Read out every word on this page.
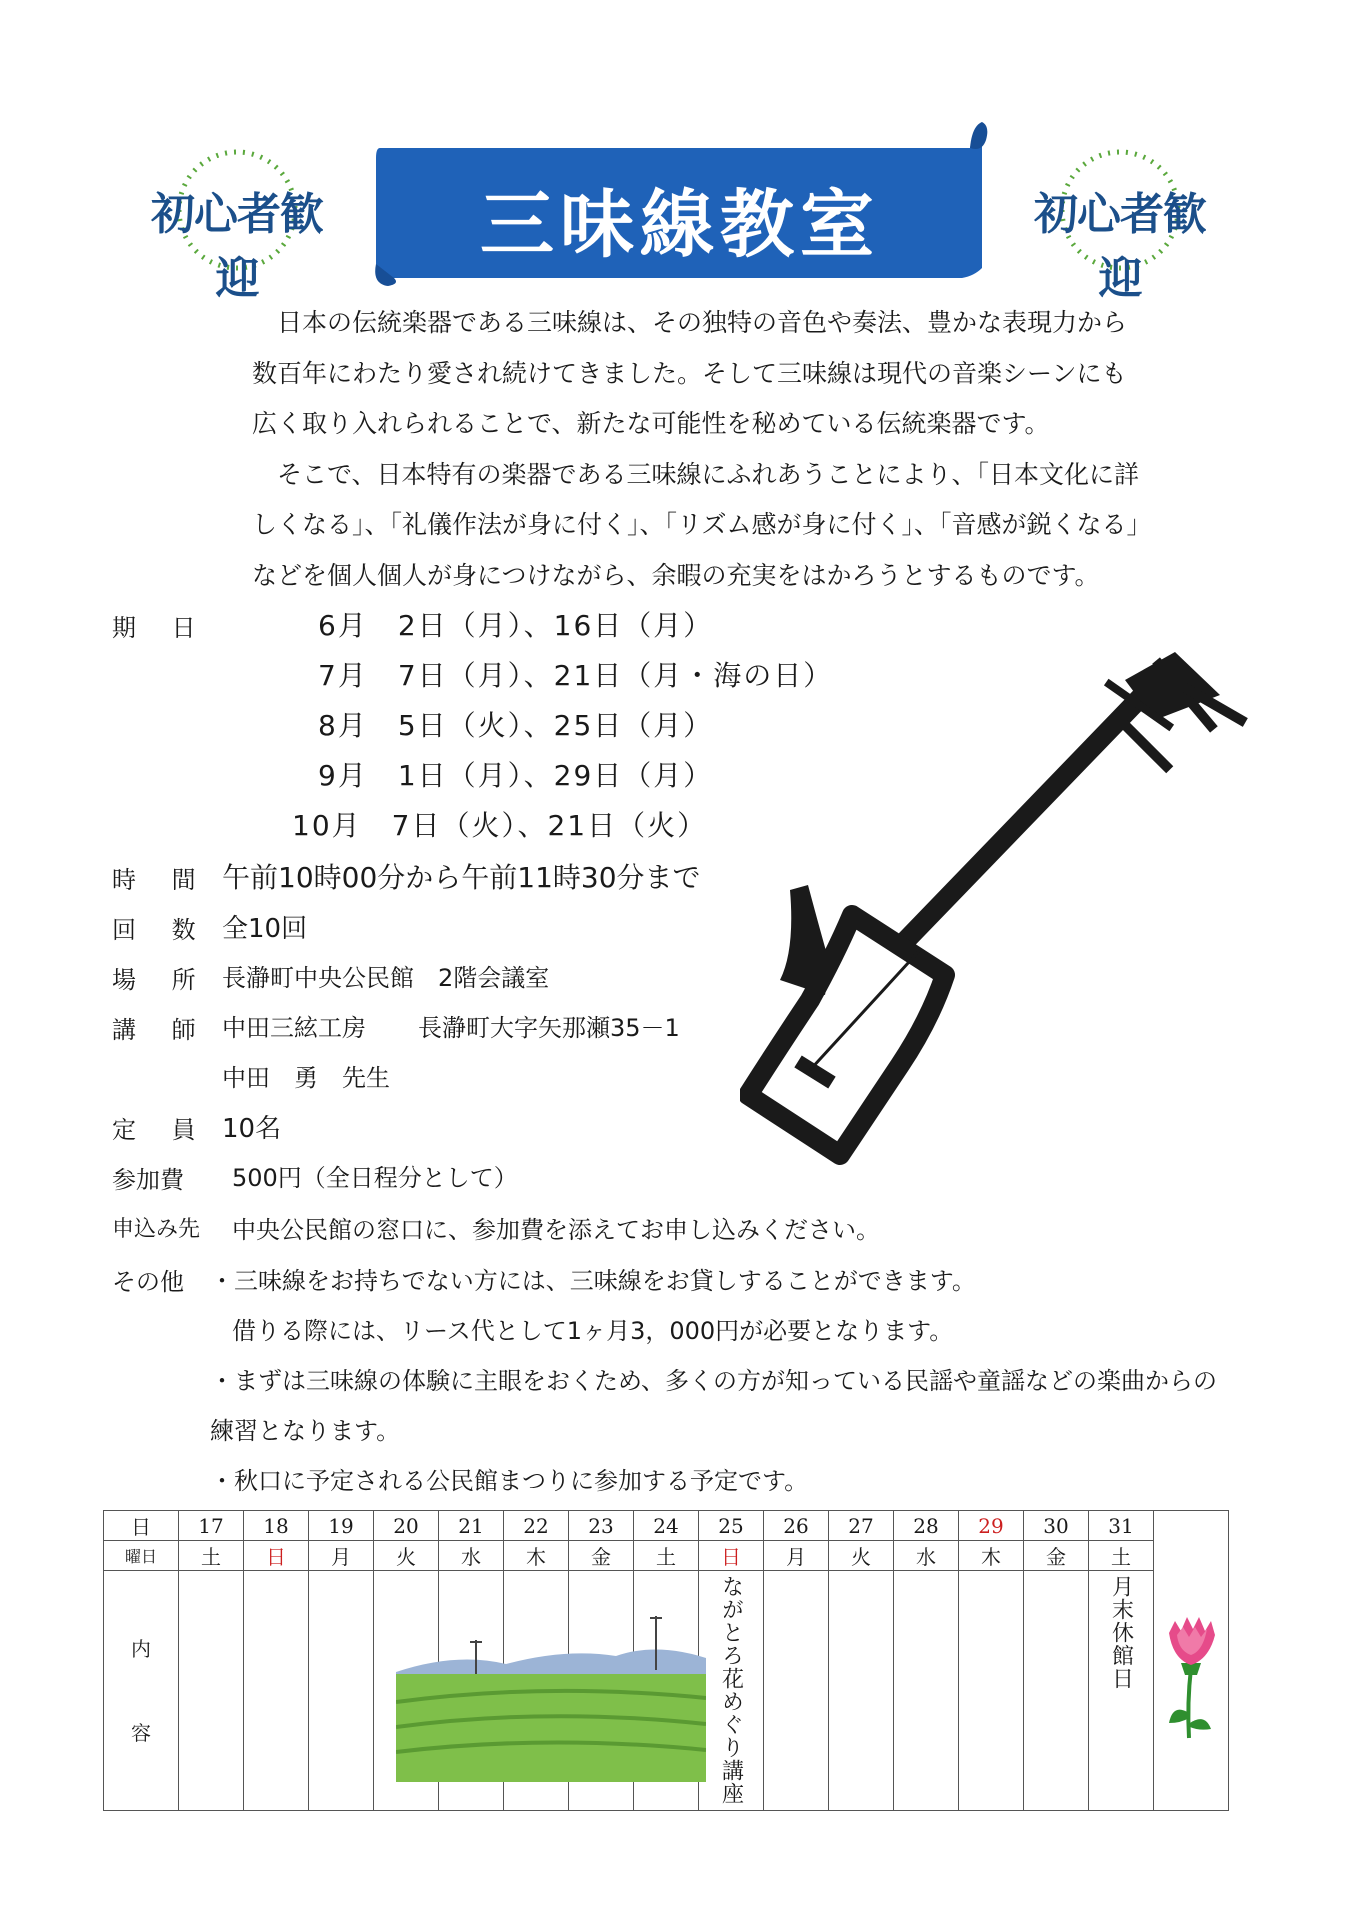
初心者歓迎
初心者歓迎
三味線教室

日本の伝統楽器である三味線は、その独特の音色や奏法、豊かな表現力から

数百年にわたり愛され続けてきました。そして三味線は現代の音楽シーンにも

広く取り入れられることで、新たな可能性を秘めている伝統楽器です。

そこで、日本特有の楽器である三味線にふれあうことにより、「日本文化に詳

しくなる」、「礼儀作法が身に付く」、「リズム感が身に付く」、「音感が鋭くなる」

などを個人個人が身につけながら、余暇の充実をはかろうとするものです。

期 日	6月　2日（月）、16日（月）
7月　7日（月）、21日（月・海の日）
8月　5日（火）、25日（月）
9月　1日（月）、29日（月）
10月　7日（火）、21日（火）
時 間 午前10時00分から午前11時30分まで
回 数 全10回
場 所 長瀞町中央公民館　2階会議室
講 師 中田三絃工房 長瀞町大字矢那瀬35－1
中田　勇　先生
定 員 10名
参加費 500円（全日程分として）
申込み先 中央公民館の窓口に、参加費を添えてお申し込みください。
その他 ・三味線をお持ちでない方には、三味線をお貸しすることができます。
借りる際には、リース代として1ヶ月3，000円が必要となります。
・まずは三味線の体験に主眼をおくため、多くの方が知っている民謡や童謡などの楽曲からの
練習となります。
・秋口に予定される公民館まつりに参加する予定です。
日	17	18	19	20	21	22	23	24	25	26	27	28	29	30	31	
曜日	土	日	月	火	水	木	金	土	日	月	火	水	木	金	土	
内
容									ながとろ花めぐり講座						月末休館日	
